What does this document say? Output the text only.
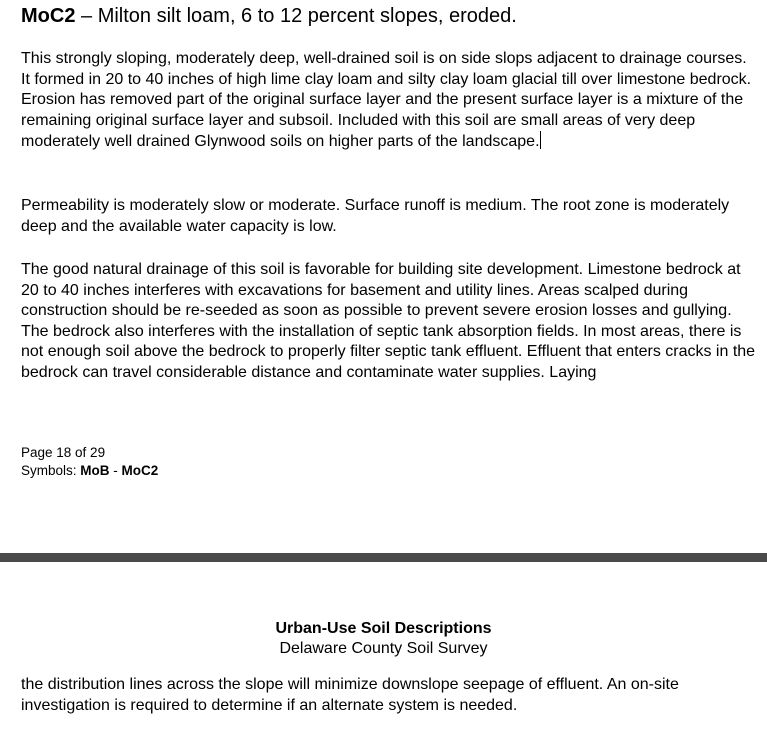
MoC2 – Milton silt loam, 6 to 12 percent slopes, eroded.

This strongly sloping, moderately deep, well-drained soil is on side slops adjacent to drainage courses. It formed in 20 to 40 inches of high lime clay loam and silty clay loam glacial till over limestone bedrock. Erosion has removed part of the original surface layer and the present surface layer is a mixture of the remaining original surface layer and subsoil. Included with this soil are small areas of very deep moderately well drained Glynwood soils on higher parts of the landscape.

Permeability is moderately slow or moderate. Surface runoff is medium. The root zone is moderately deep and the available water capacity is low.

The good natural drainage of this soil is favorable for building site development. Limestone bedrock at 20 to 40 inches interferes with excavations for basement and utility lines. Areas scalped during construction should be re-seeded as soon as possible to prevent severe erosion losses and gullying. The bedrock also interferes with the installation of septic tank absorption fields. In most areas, there is not enough soil above the bedrock to properly filter septic tank effluent. Effluent that enters cracks in the bedrock can travel considerable distance and contaminate water supplies. Laying

Page 18 of 29
Symbols: MoB - MoC2
Urban-Use Soil Descriptions
Delaware County Soil Survey

the distribution lines across the slope will minimize downslope seepage of effluent. An on-site investigation is required to determine if an alternate system is needed.
